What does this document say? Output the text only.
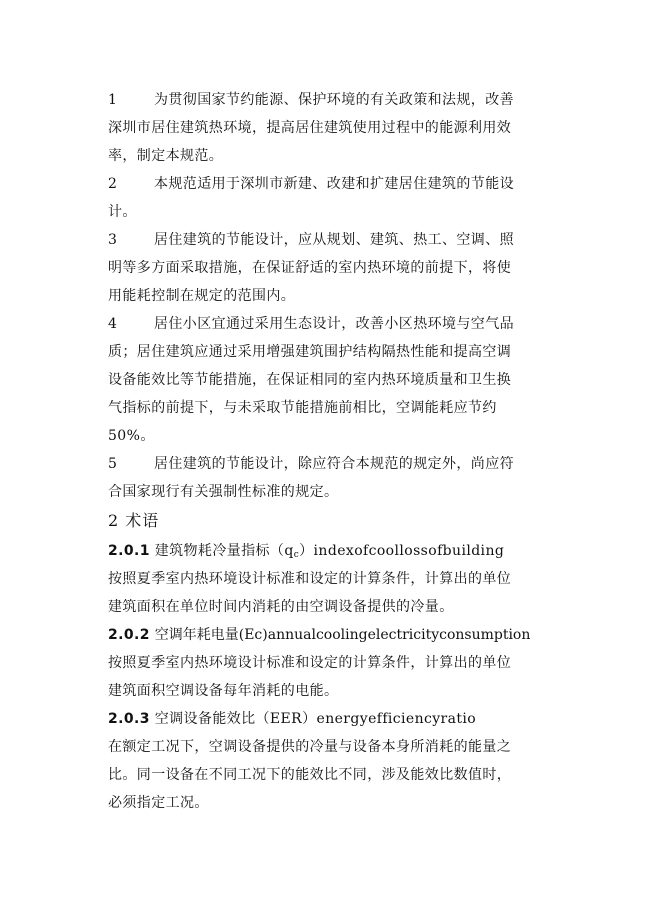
1	为贯彻国家节约能源、保护环境的有关政策和法规，改善
深圳市居住建筑热环境，提高居住建筑使用过程中的能源利用效
率，制定本规范。
2	本规范适用于深圳市新建、改建和扩建居住建筑的节能设
计。
3	居住建筑的节能设计，应从规划、建筑、热工、空调、照
明等多方面采取措施，在保证舒适的室内热环境的前提下，将使
用能耗控制在规定的范围内。
4	居住小区宜通过采用生态设计，改善小区热环境与空气品
质；居住建筑应通过采用增强建筑围护结构隔热性能和提高空调
设备能效比等节能措施，在保证相同的室内热环境质量和卫生换
气指标的前提下，与未采取节能措施前相比，空调能耗应节约
50%。
5	居住建筑的节能设计，除应符合本规范的规定外，尚应符
合国家现行有关强制性标准的规定。
2 术语
2.0.1 建筑物耗冷量指标$(q_c)indexofcoollossofbuilding$
按照夏季室内热环境设计标准和设定的计算条件，计算出的单位
建筑面积在单位时间内消耗的由空调设备提供的冷量。
2.0.2 空调年耗电量(Ec)annualcoolingelectricityconsumption
按照夏季室内热环境设计标准和设定的计算条件，计算出的单位
建筑面积空调设备每年消耗的电能。
2.0.3 空调设备能效比（EER）energyefficiencyratio
在额定工况下，空调设备提供的冷量与设备本身所消耗的能量之
比。同一设备在不同工况下的能效比不同，涉及能效比数值时，
必须指定工况。
